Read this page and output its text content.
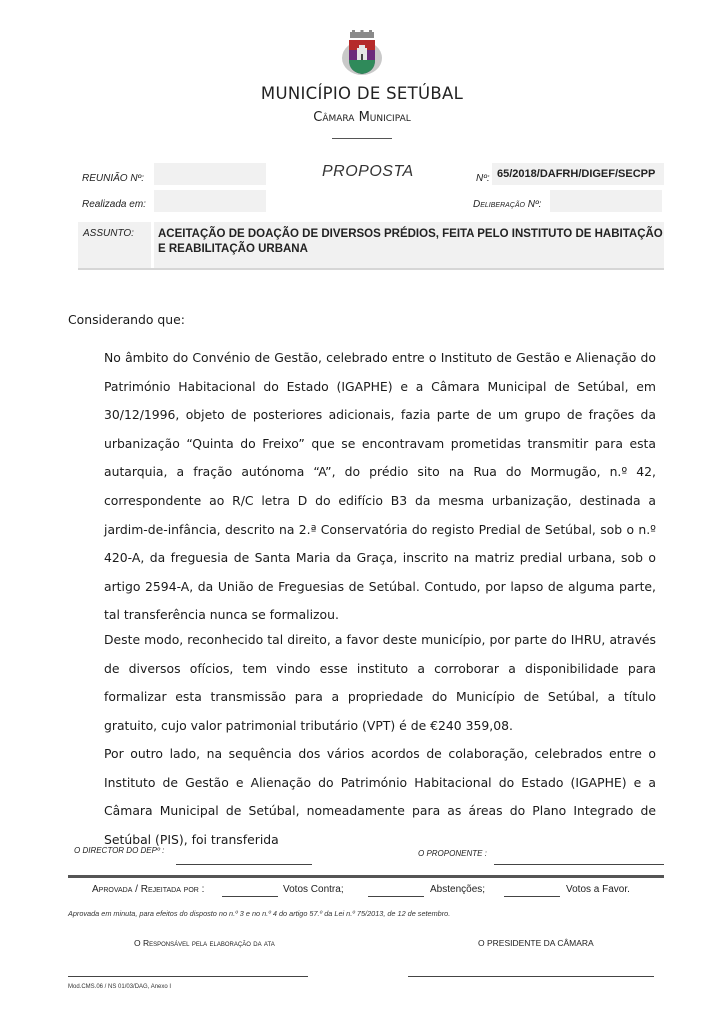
MUNICÍPIO DE SETÚBAL
Câmara Municipal
REUNIÃO Nº:	PROPOSTA	Nº: 65/2018/DAFRH/DIGEF/SECPP
Realizada em:	Deliberação Nº:
ASSUNTO: ACEITAÇÃO DE DOAÇÃO DE DIVERSOS PRÉDIOS, FEITA PELO INSTITUTO DE HABITAÇÃO E REABILITAÇÃO URBANA
Considerando que:
No âmbito do Convénio de Gestão, celebrado entre o Instituto de Gestão e Alienação do Património Habitacional do Estado (IGAPHE) e a Câmara Municipal de Setúbal, em 30/12/1996, objeto de posteriores adicionais, fazia parte de um grupo de frações da urbanização “Quinta do Freixo” que se encontravam prometidas transmitir para esta autarquia, a fração autónoma “A”, do prédio sito na Rua do Mormugão, n.º 42, correspondente ao R/C letra D do edifício B3 da mesma urbanização, destinada a jardim-de-infância, descrito na 2.ª Conservatória do registo Predial de Setúbal, sob o n.º 420-A, da freguesia de Santa Maria da Graça, inscrito na matriz predial urbana, sob o artigo 2594-A, da União de Freguesias de Setúbal. Contudo, por lapso de alguma parte, tal transferência nunca se formalizou.
Deste modo, reconhecido tal direito, a favor deste município, por parte do IHRU, através de diversos ofícios, tem vindo esse instituto a corroborar a disponibilidade para formalizar esta transmissão para a propriedade do Município de Setúbal, a título gratuito, cujo valor patrimonial tributário (VPT) é de €240 359,08.
Por outro lado, na sequência dos vários acordos de colaboração, celebrados entre o Instituto de Gestão e Alienação do Património Habitacional do Estado (IGAPHE) e a Câmara Municipal de Setúbal, nomeadamente para as áreas do Plano Integrado de Setúbal (PIS), foi transferida
O DIRECTOR DO DEPº :	O PROPONENTE :
Aprovada / Rejeitada por :	Votos Contra;	Abstenções;	Votos a Favor.
Aprovada em minuta, para efeitos do disposto no n.º 3 e no n.º 4 do artigo 57.º da Lei n.º 75/2013, de 12 de setembro.
O Responsável pela elaboração da ata	O PRESIDENTE DA CÂMARA
Mod.CMS.06 / NS 01/03/DAG, Anexo I
